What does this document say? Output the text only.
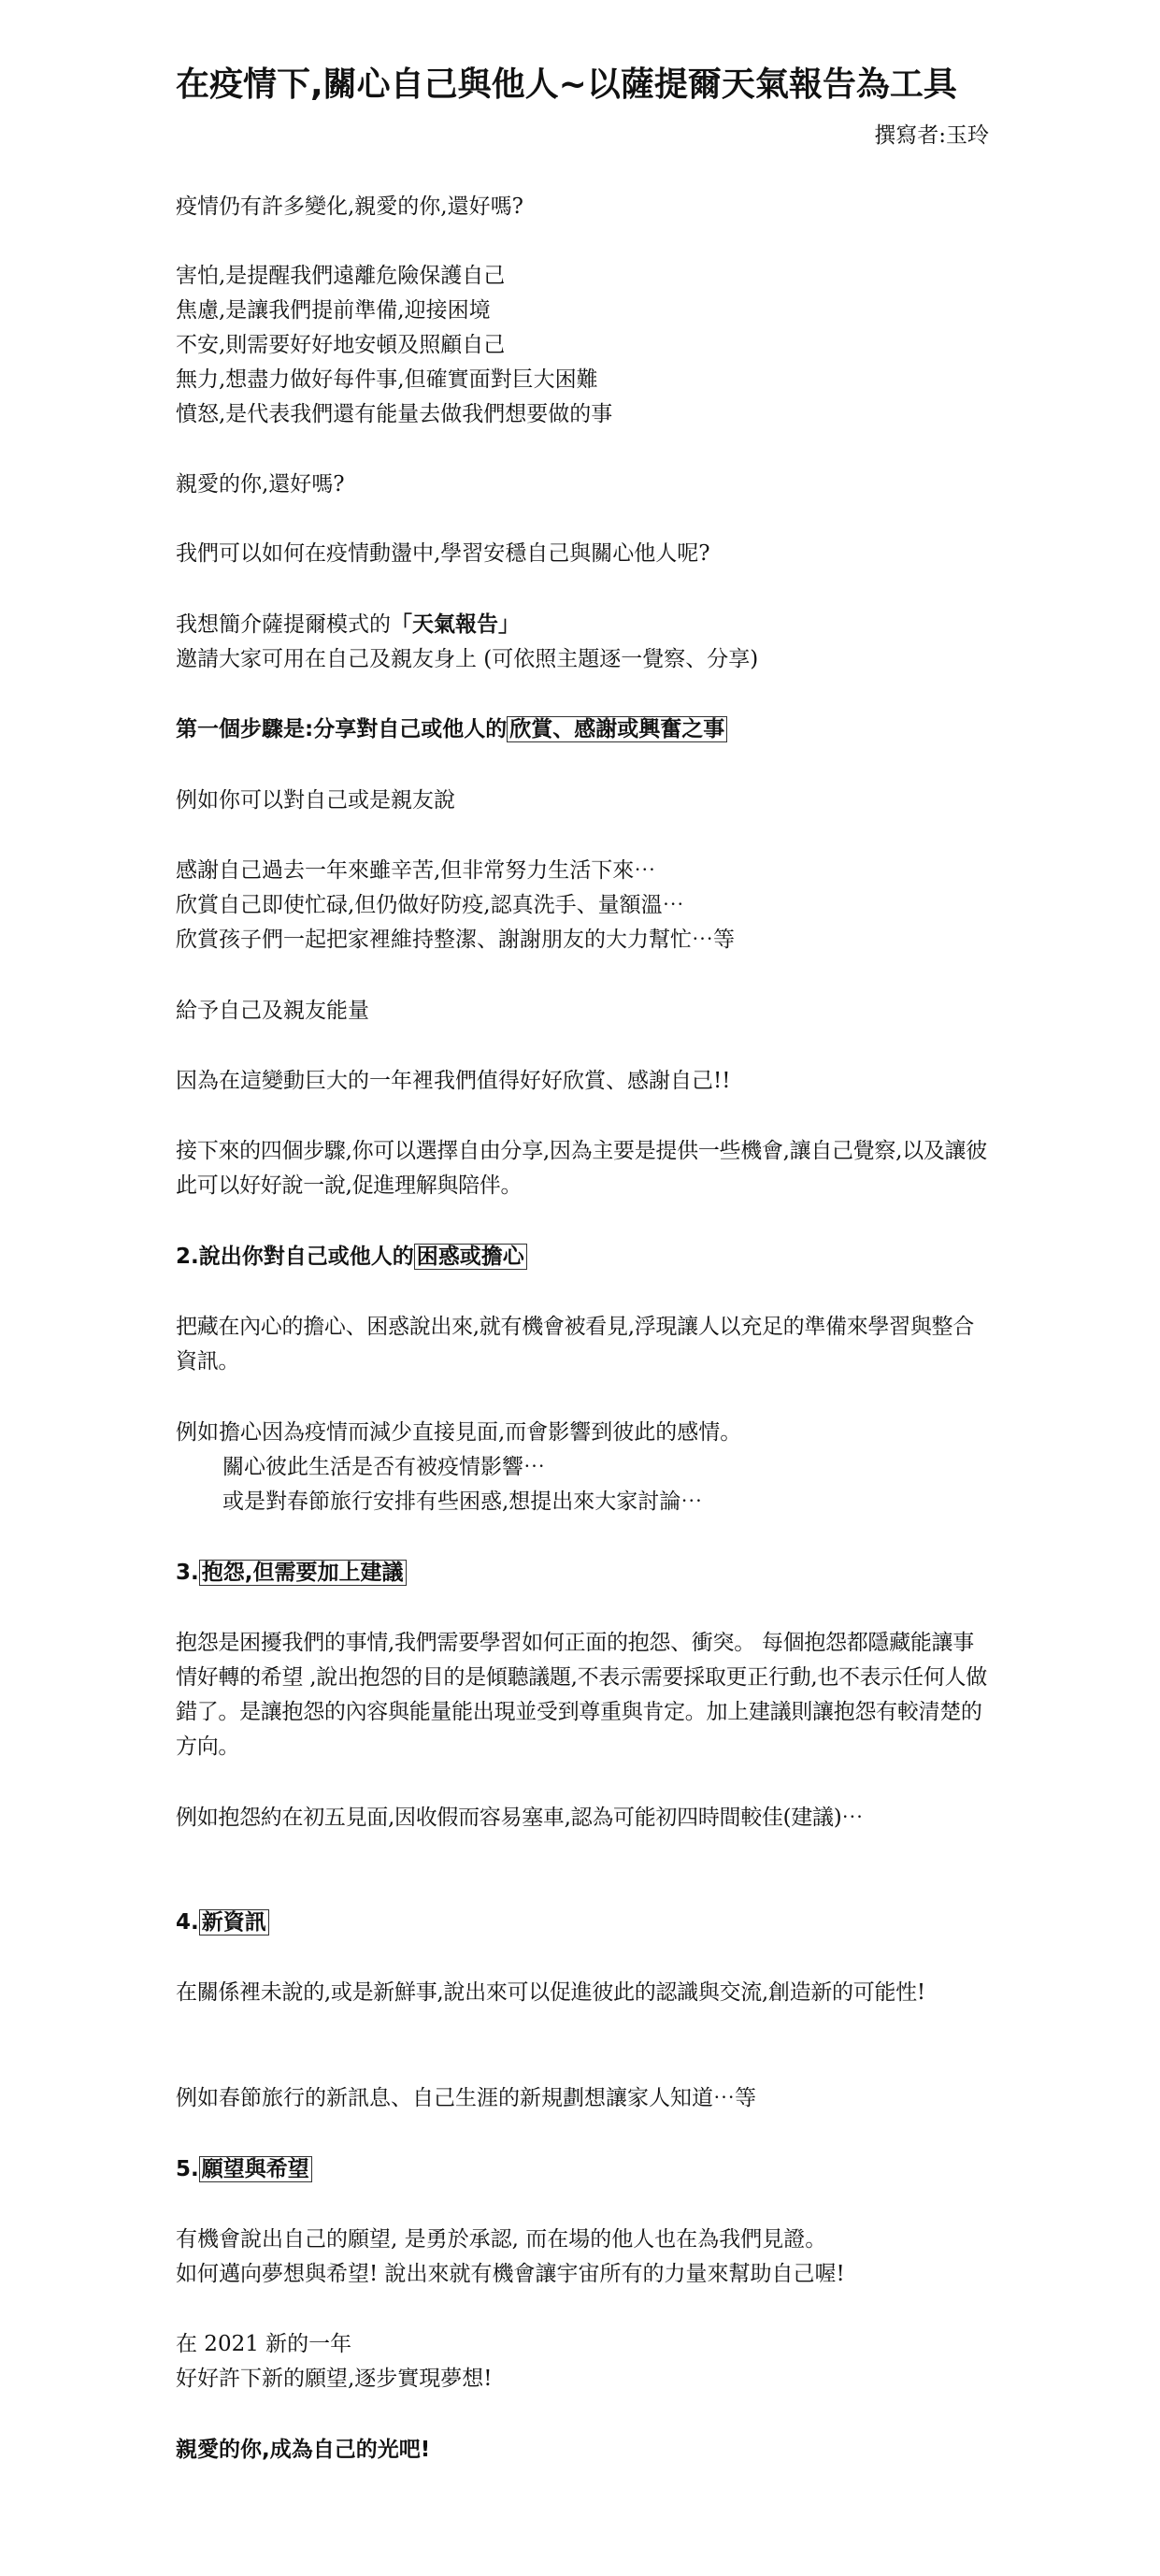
在疫情下,關心自己與他人~以薩提爾天氣報告為工具
撰寫者:玉玲

疫情仍有許多變化,親愛的你,還好嗎?

害怕,是提醒我們遠離危險保護自己

焦慮,是讓我們提前準備,迎接困境

不安,則需要好好地安頓及照顧自己

無力,想盡力做好每件事,但確實面對巨大困難

憤怒,是代表我們還有能量去做我們想要做的事

親愛的你,還好嗎?

我們可以如何在疫情動盪中,學習安穩自己與關心他人呢?

我想簡介薩提爾模式的「天氣報告」

邀請大家可用在自己及親友身上 (可依照主題逐一覺察、分享)

第一個步驟是:分享對自己或他人的 欣賞、感謝或興奮之事

例如你可以對自己或是親友說

感謝自己過去一年來雖辛苦,但非常努力生活下來⋯

欣賞自己即使忙碌,但仍做好防疫,認真洗手、量額溫⋯

欣賞孩子們一起把家裡維持整潔、謝謝朋友的大力幫忙⋯等

給予自己及親友能量

因為在這變動巨大的一年裡我們值得好好欣賞、感謝自己!!

接下來的四個步驟,你可以選擇自由分享,因為主要是提供一些機會,讓自己覺察,以及讓彼此可以好好說一說,促進理解與陪伴。

2.說出你對自己或他人的 困惑或擔心

把藏在內心的擔心、困惑說出來,就有機會被看見,浮現讓人以充足的準備來學習與整合資訊。

例如擔心因為疫情而減少直接見面,而會影響到彼此的感情。

關心彼此生活是否有被疫情影響⋯

或是對春節旅行安排有些困惑,想提出來大家討論⋯

3. 抱怨,但需要加上建議

抱怨是困擾我們的事情,我們需要學習如何正面的抱怨、衝突。 每個抱怨都隱藏能讓事情好轉的希望 ,說出抱怨的目的是傾聽議題,不表示需要採取更正行動,也不表示任何人做錯了。是讓抱怨的內容與能量能出現並受到尊重與肯定。加上建議則讓抱怨有較清楚的方向。

例如抱怨約在初五見面,因收假而容易塞車,認為可能初四時間較佳(建議)⋯

4. 新資訊

在關係裡未說的,或是新鮮事,說出來可以促進彼此的認識與交流,創造新的可能性!

例如春節旅行的新訊息、自己生涯的新規劃想讓家人知道⋯等

5. 願望與希望

有機會說出自己的願望, 是勇於承認, 而在場的他人也在為我們見證。

如何邁向夢想與希望! 說出來就有機會讓宇宙所有的力量來幫助自己喔!

在 2021 新的一年

好好許下新的願望,逐步實現夢想!

親愛的你,成為自己的光吧!
